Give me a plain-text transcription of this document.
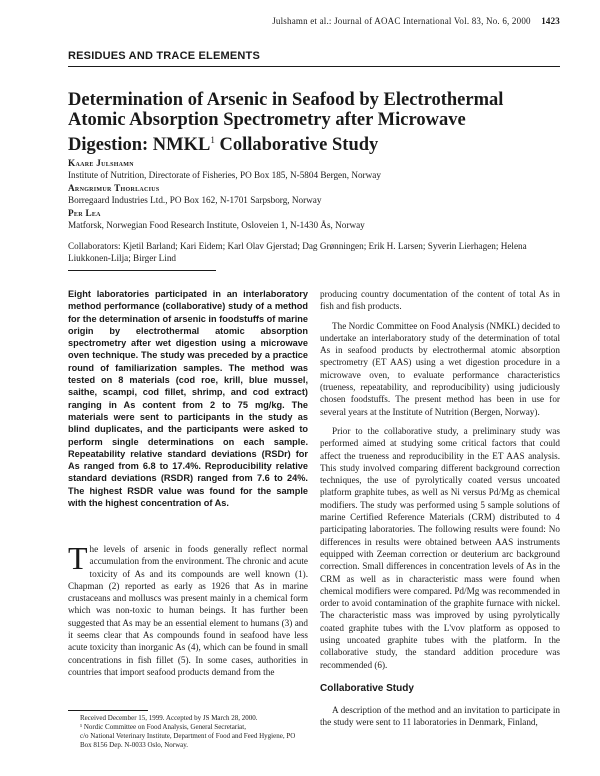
Julshamn et al.: Journal of AOAC International Vol. 83, No. 6, 2000 1423
RESIDUES AND TRACE ELEMENTS
Determination of Arsenic in Seafood by Electrothermal Atomic Absorption Spectrometry after Microwave Digestion: NMKL$^1$ Collaborative Study
Kaare Julshamn
Institute of Nutrition, Directorate of Fisheries, PO Box 185, N-5804 Bergen, Norway
Arngrimur Thorlacius
Borregaard Industries Ltd., PO Box 162, N-1701 Sarpsborg, Norway
Per Lea
Matforsk, Norwegian Food Research Institute, Osloveien 1, N-1430 Ås, Norway
Collaborators: Kjetil Barland; Kari Eidem; Karl Olav Gjerstad; Dag Grønningen; Erik H. Larsen; Syverin Lierhagen; Helena Liukkonen-Lilja; Birger Lind

Eight laboratories participated in an interlaboratory method performance (collaborative) study of a method for the determination of arsenic in foodstuffs of marine origin by electrothermal atomic absorption spectrometry after wet digestion using a microwave oven technique. The study was preceded by a practice round of familiarization samples. The method was tested on 8 materials (cod roe, krill, blue mussel, saithe, scampi, cod fillet, shrimp, and cod extract) ranging in As content from 2 to 75 mg/kg. The materials were sent to participants in the study as blind duplicates, and the participants were asked to perform single determinations on each sample. Repeatability relative standard deviations (RSDr) for As ranged from 6.8 to 17.4%. Reproducibility relative standard deviations (RSDR) ranged from 7.6 to 24%. The highest RSDR value was found for the sample with the highest concentration of As.

T he levels of arsenic in foods generally reflect normal accumulation from the environment. The chronic and acute toxicity of As and its compounds are well known (1). Chapman (2) reported as early as 1926 that As in marine crustaceans and molluscs was present mainly in a chemical form which was non-toxic to human beings. It has further been suggested that As may be an essential element to humans (3) and it seems clear that As compounds found in seafood have less acute toxicity than inorganic As (4), which can be found in small concentrations in fish fillet (5). In some cases, authorities in countries that import seafood products demand from the

Received December 15, 1999. Accepted by JS March 28, 2000.

¹ Nordic Committee on Food Analysis, General Secretariat,

c/o National Veterinary Institute, Department of Food and Feed Hygiene, PO Box 8156 Dep. N-0033 Oslo, Norway.

producing country documentation of the content of total As in fish and fish products.

The Nordic Committee on Food Analysis (NMKL) decided to undertake an interlaboratory study of the determination of total As in seafood products by electrothermal atomic absorption spectrometry (ET AAS) using a wet digestion procedure in a microwave oven, to evaluate performance characteristics (trueness, repeatability, and reproducibility) using judiciously chosen foodstuffs. The present method has been in use for several years at the Institute of Nutrition (Bergen, Norway).

Prior to the collaborative study, a preliminary study was performed aimed at studying some critical factors that could affect the trueness and reproducibility in the ET AAS analysis. This study involved comparing different background correction techniques, the use of pyrolytically coated versus uncoated platform graphite tubes, as well as Ni versus Pd/Mg as chemical modifiers. The study was performed using 5 sample solutions of marine Certified Reference Materials (CRM) distributed to 4 participating laboratories. The following results were found: No differences in results were obtained between AAS instruments equipped with Zeeman correction or deuterium arc background correction. Small differences in concentration levels of As in the CRM as well as in characteristic mass were found when chemical modifiers were compared. Pd/Mg was recommended in order to avoid contamination of the graphite furnace with nickel. The characteristic mass was improved by using pyrolytically coated graphite tubes with the L'vov platform as opposed to using uncoated graphite tubes with the platform. In the collaborative study, the standard addition procedure was recommended (6).

Collaborative Study

A description of the method and an invitation to participate in the study were sent to 11 laboratories in Denmark, Finland,
